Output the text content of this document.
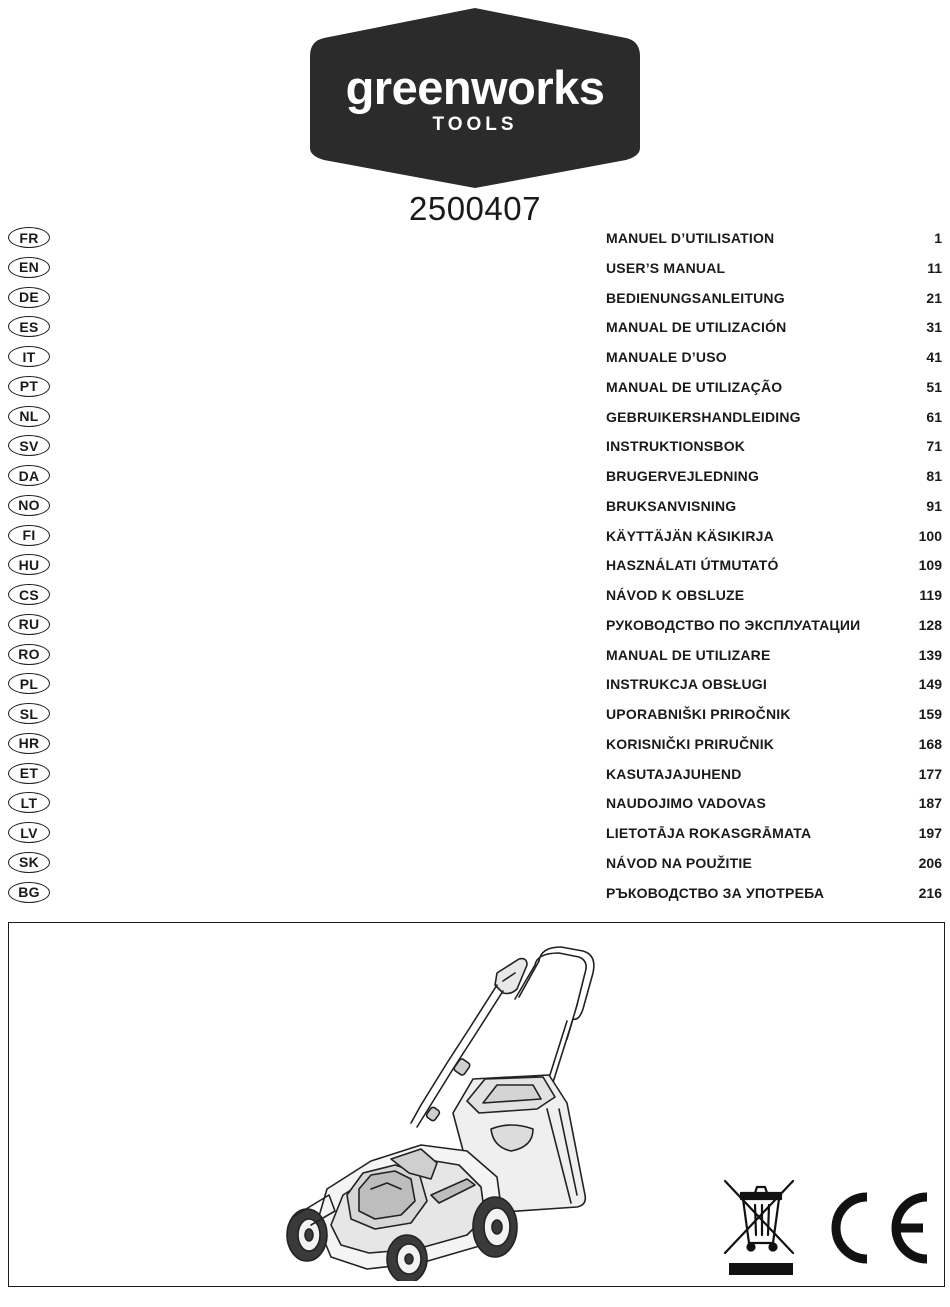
greenworks
TOOLS
2500407
FR	MANUEL D’UTILISATION	1
EN	USER’S MANUAL	11
DE	BEDIENUNGSANLEITUNG	21
ES	MANUAL DE UTILIZACIÓN	31
IT	MANUALE D’USO	41
PT	MANUAL DE UTILIZAÇÃO	51
NL	GEBRUIKERSHANDLEIDING	61
SV	INSTRUKTIONSBOK	71
DA	BRUGERVEJLEDNING	81
NO	BRUKSANVISNING	91
FI	KÄYTTÄJÄN KÄSIKIRJA	100
HU	HASZNÁLATI ÚTMUTATÓ	109
CS	NÁVOD K OBSLUZE	119
RU	РУКОВОДСТВО ПО ЭКСПЛУАТАЦИИ	128
RO	MANUAL DE UTILIZARE	139
PL	INSTRUKCJA OBSŁUGI	149
SL	UPORABNIŠKI PRIROČNIK	159
HR	KORISNIČKI PRIRUČNIK	168
ET	KASUTAJAJUHEND	177
LT	NAUDOJIMO VADOVAS	187
LV	LIETOTĀJA ROKASGRĀMATA	197
SK	NÁVOD NA POUŽITIE	206
BG	РЪКОВОДСТВО ЗА УПОТРЕБА	216
